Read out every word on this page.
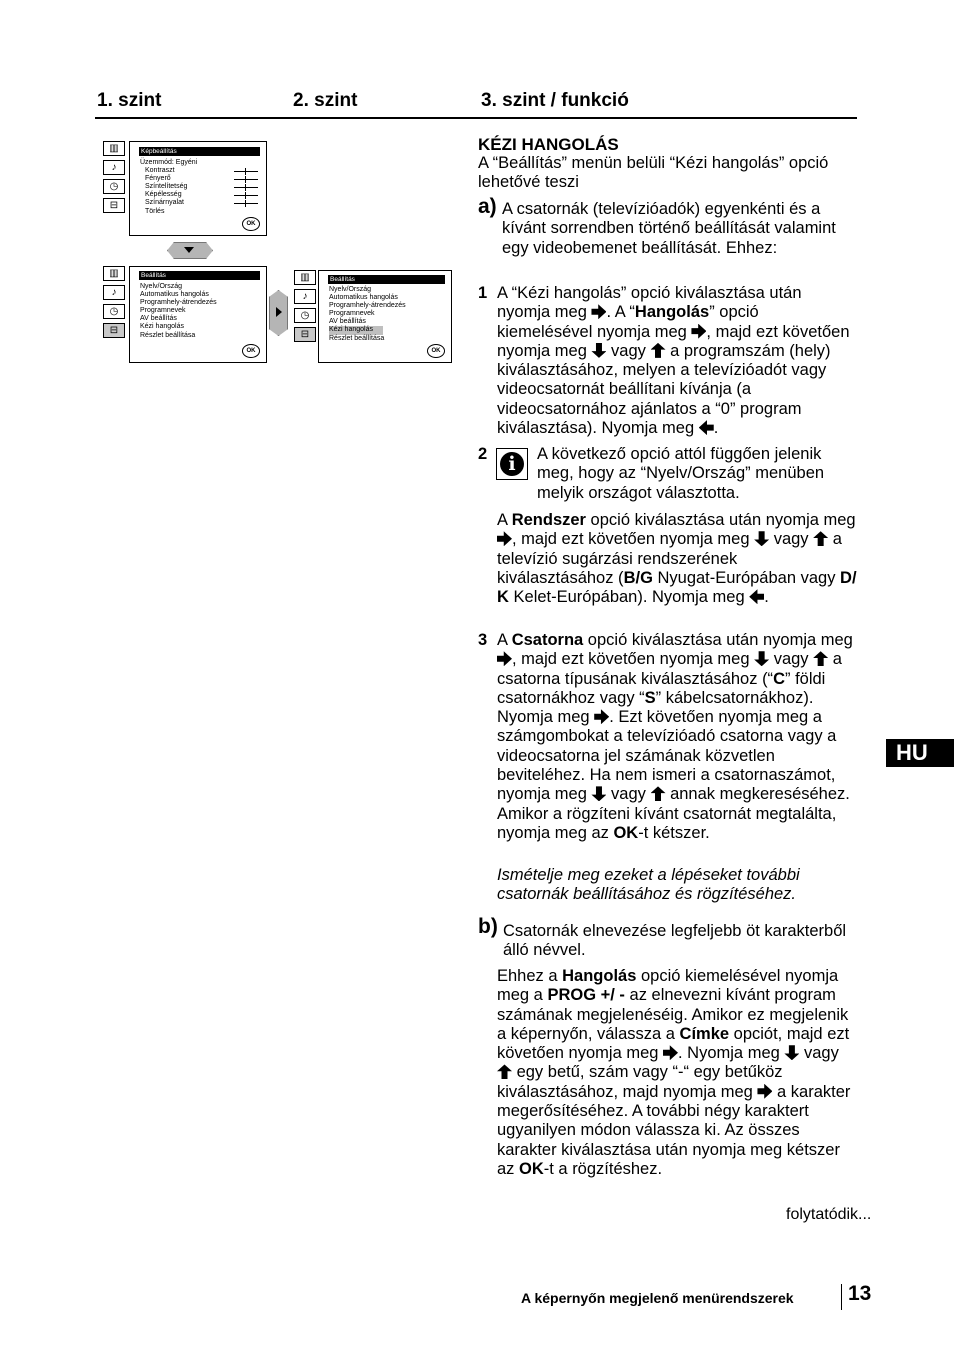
1. szint	2. szint	3. szint / funkció
▥
♪
◷
⊟
Képbeállítás
Üzemmód: Egyéni
Kontraszt
Fényerő
Színtelítetség
Képélesség
Színárnyalat
Törlés
OK
▥
♪
◷
⊟
Beállítás
Nyelv/Ország
Automatikus hangolás
Programhely-átrendezés
Programnevek
AV beállítás
Kézi hangolás
Részlet beállítása
OK
▥
♪
◷
⊟
Beállítás
Nyelv/Ország
Automatikus hangolás
Programhely-átrendezés
Programnevek
AV beállítás
Kézi hangolás
Részlet beállítása
OK
KÉZI HANGOLÁS
A “Beállítás” menün belüli “Kézi hangolás” opció lehetővé teszi
a) A csatornák (televízióadók) egyenkénti és a kívánt sorrendben történő beállítását valamint egy videobemenet beállítását. Ehhez:
1 A “Kézi hangolás” opció kiválasztása után nyomja meg . A “Hangolás” opció kiemelésével nyomja meg , majd ezt követően nyomja meg  vagy  a programszám (hely) kiválasztásához, melyen a televízióadót vagy videocsatornát beállítani kívánja (a videocsatornához ajánlatos a “0” program kiválasztása). Nyomja meg .
2	i	A következő opció attól függően jelenik meg, hogy az “Nyelv/Ország” menüben melyik országot választotta.
A Rendszer opció kiválasztása után nyomja meg , majd ezt követően nyomja meg  vagy  a televízió sugárzási rendszerének kiválasztásához (B/G Nyugat-Európában vagy D/ K Kelet-Európában). Nyomja meg .
3 A Csatorna opció kiválasztása után nyomja meg , majd ezt követően nyomja meg  vagy  a csatorna típusának kiválasztásához (“C” földi csatornákhoz vagy “S” kábelcsatornákhoz). Nyomja meg . Ezt követően nyomja meg a számgombokat a televízióadó csatorna vagy a videocsatorna jel számának közvetlen beviteléhez. Ha nem ismeri a csatornaszámot, nyomja meg  vagy  annak megkereséséhez. Amikor a rögzíteni kívánt csatornát megtalálta, nyomja meg az OK-t kétszer.
Ismételje meg ezeket a lépéseket további csatornák beállításához és rögzítéséhez.
b) Csatornák elnevezése legfeljebb öt karakterből álló névvel.
Ehhez a Hangolás opció kiemelésével nyomja meg a PROG +/ - az elnevezni kívánt program számának megjelenéséig. Amikor ez megjelenik a képernyőn, válassza a Címke opciót, majd ezt követően nyomja meg . Nyomja meg  vagy  egy betű, szám vagy “-“ egy betűköz kiválasztásához, majd nyomja meg  a karakter megerősítéséhez. A további négy karaktert ugyanilyen módon válassza ki. Az összes karakter kiválasztása után nyomja meg kétszer az OK-t a rögzítéshez.
folytatódik...
HU
A képernyőn megjelenő menürendszerek	13
